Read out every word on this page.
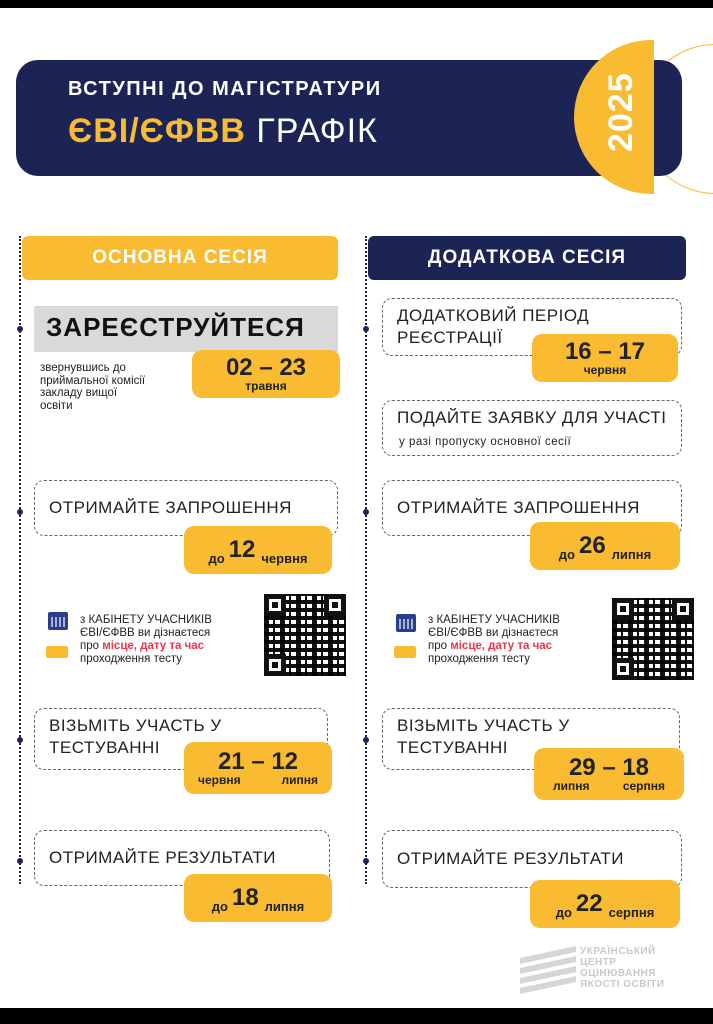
ВСТУПНІ ДО МАГІСТРАТУРИ
ЄВІ/ЄФВВ ГРАФІК	2025
ОСНОВНА СЕСІЯ	ДОДАТКОВА СЕСІЯ
ЗАРЕЄСТРУЙТЕСЯ
звернувшись до
приймальної комісії
закладу вищої
освіти
02 – 23
травня
ОТРИМАЙТЕ ЗАПРОШЕННЯ
до 12 червня
з КАБІНЕТУ УЧАСНИКІВ
ЄВІ/ЄФВВ ви дізнаєтеся
про місце, дату та час
проходження тесту
ВІЗЬМІТЬ УЧАСТЬ У
ТЕСТУВАННІ 21 – 12
червня	липня
ОТРИМАЙТЕ РЕЗУЛЬТАТИ
до 18 липня
ДОДАТКОВИЙ ПЕРІОД
РЕЄСТРАЦІЇ	16 – 17
червня
ПОДАЙТЕ ЗАЯВКУ ДЛЯ УЧАСТІ
у разі пропуску основної сесії
ОТРИМАЙТЕ ЗАПРОШЕННЯ
до 26 липня
з КАБІНЕТУ УЧАСНИКІВ
ЄВІ/ЄФВВ ви дізнаєтеся
про місце, дату та час
проходження тесту
ВІЗЬМІТЬ УЧАСТЬ У
ТЕСТУВАННІ
29 – 18
липня	серпня
ОТРИМАЙТЕ РЕЗУЛЬТАТИ
до 22 серпня
УКРАЇНСЬКИЙ
ЦЕНТР
ОЦІНЮВАННЯ
ЯКОСТІ ОСВІТИ
